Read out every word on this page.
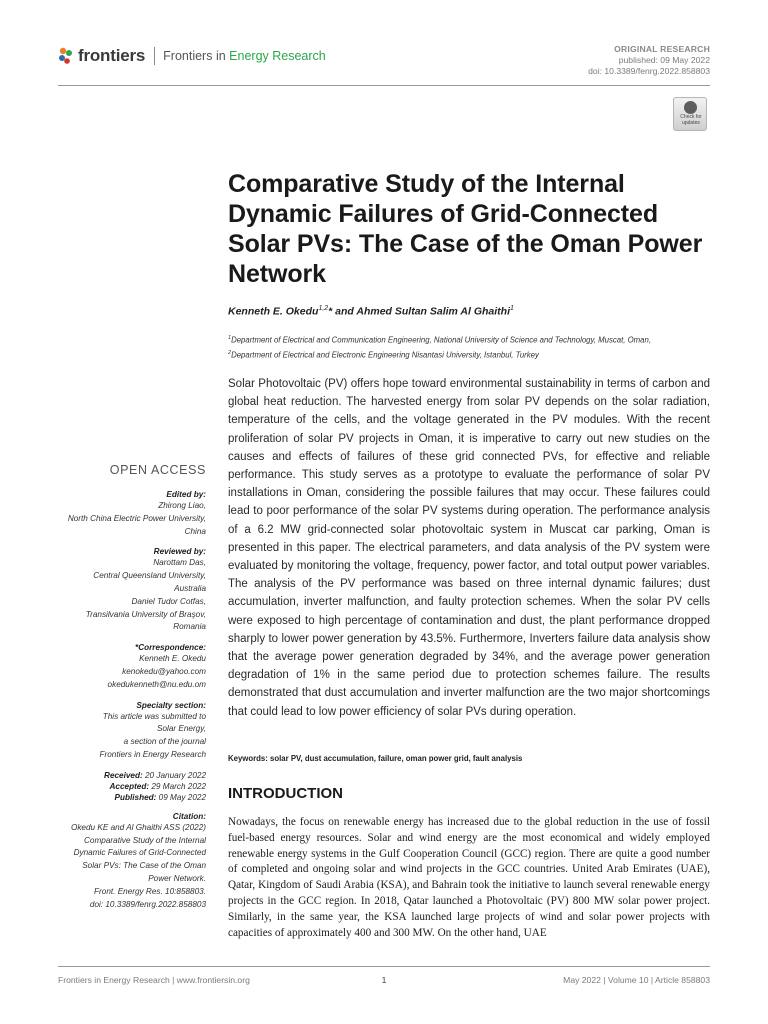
frontiers Frontiers in Energy Research	ORIGINAL RESEARCH
published: 09 May 2022
doi: 10.3389/fenrg.2022.858803
Check for updates
Comparative Study of the Internal Dynamic Failures of Grid-Connected Solar PVs: The Case of the Oman Power Network
Kenneth E. Okedu$^{1,2}$* and Ahmed Sultan Salim Al Ghaithi$^1$
$^1$Department of Electrical and Communication Engineering, National University of Science and Technology, Muscat, Oman,
$^2$Department of Electrical and Electronic Engineering Nisantasi University, Istanbul, Turkey
Solar Photovoltaic (PV) offers hope toward environmental sustainability in terms of carbon and global heat reduction. The harvested energy from solar PV depends on the solar radiation, temperature of the cells, and the voltage generated in the PV modules. With the recent proliferation of solar PV projects in Oman, it is imperative to carry out new studies on the causes and effects of failures of these grid connected PVs, for effective and reliable performance. This study serves as a prototype to evaluate the performance of solar PV installations in Oman, considering the possible failures that may occur. These failures could lead to poor performance of the solar PV systems during operation. The performance analysis of a 6.2 MW grid-connected solar photovoltaic system in Muscat car parking, Oman is presented in this paper. The electrical parameters, and data analysis of the PV system were evaluated by monitoring the voltage, frequency, power factor, and total output power variables. The analysis of the PV performance was based on three internal dynamic failures; dust accumulation, inverter malfunction, and faulty protection schemes. When the solar PV cells were exposed to high percentage of contamination and dust, the plant performance dropped sharply to lower power generation by 43.5%. Furthermore, Inverters failure data analysis show that the average power generation degraded by 34%, and the average power generation degradation of 1% in the same period due to protection schemes failure. The results demonstrated that dust accumulation and inverter malfunction are the two major shortcomings that could lead to low power efficiency of solar PVs during operation.
Keywords: solar PV, dust accumulation, failure, oman power grid, fault analysis
INTRODUCTION
Nowadays, the focus on renewable energy has increased due to the global reduction in the use of fossil fuel-based energy resources. Solar and wind energy are the most economical and widely employed renewable energy systems in the Gulf Cooperation Council (GCC) region. There are quite a good number of completed and ongoing solar and wind projects in the GCC countries. United Arab Emirates (UAE), Qatar, Kingdom of Saudi Arabia (KSA), and Bahrain took the initiative to launch several renewable energy projects in the GCC region. In 2018, Qatar launched a Photovoltaic (PV) 800 MW solar power project. Similarly, in the same year, the KSA launched large projects of wind and solar power projects with capacities of approximately 400 and 300 MW. On the other hand, UAE
OPEN ACCESS
Edited by:
Zhirong Liao,
North China Electric Power University,
China
Reviewed by:
Narottam Das,
Central Queensland University,
Australia
Daniel Tudor Cotfas,
Transilvania University of Braşov,
Romania
*Correspondence:
Kenneth E. Okedu
kenokedu@yahoo.com
okedukenneth@nu.edu.om
Specialty section:
This article was submitted to
Solar Energy,
a section of the journal
Frontiers in Energy Research
Received: 20 January 2022
Accepted: 29 March 2022
Published: 09 May 2022
Citation:
Okedu KE and Al Ghaithi ASS (2022)
Comparative Study of the Internal
Dynamic Failures of Grid-Connected
Solar PVs: The Case of the Oman
Power Network.
Front. Energy Res. 10:858803.
doi: 10.3389/fenrg.2022.858803
Frontiers in Energy Research | www.frontiersin.org	1	May 2022 | Volume 10 | Article 858803
